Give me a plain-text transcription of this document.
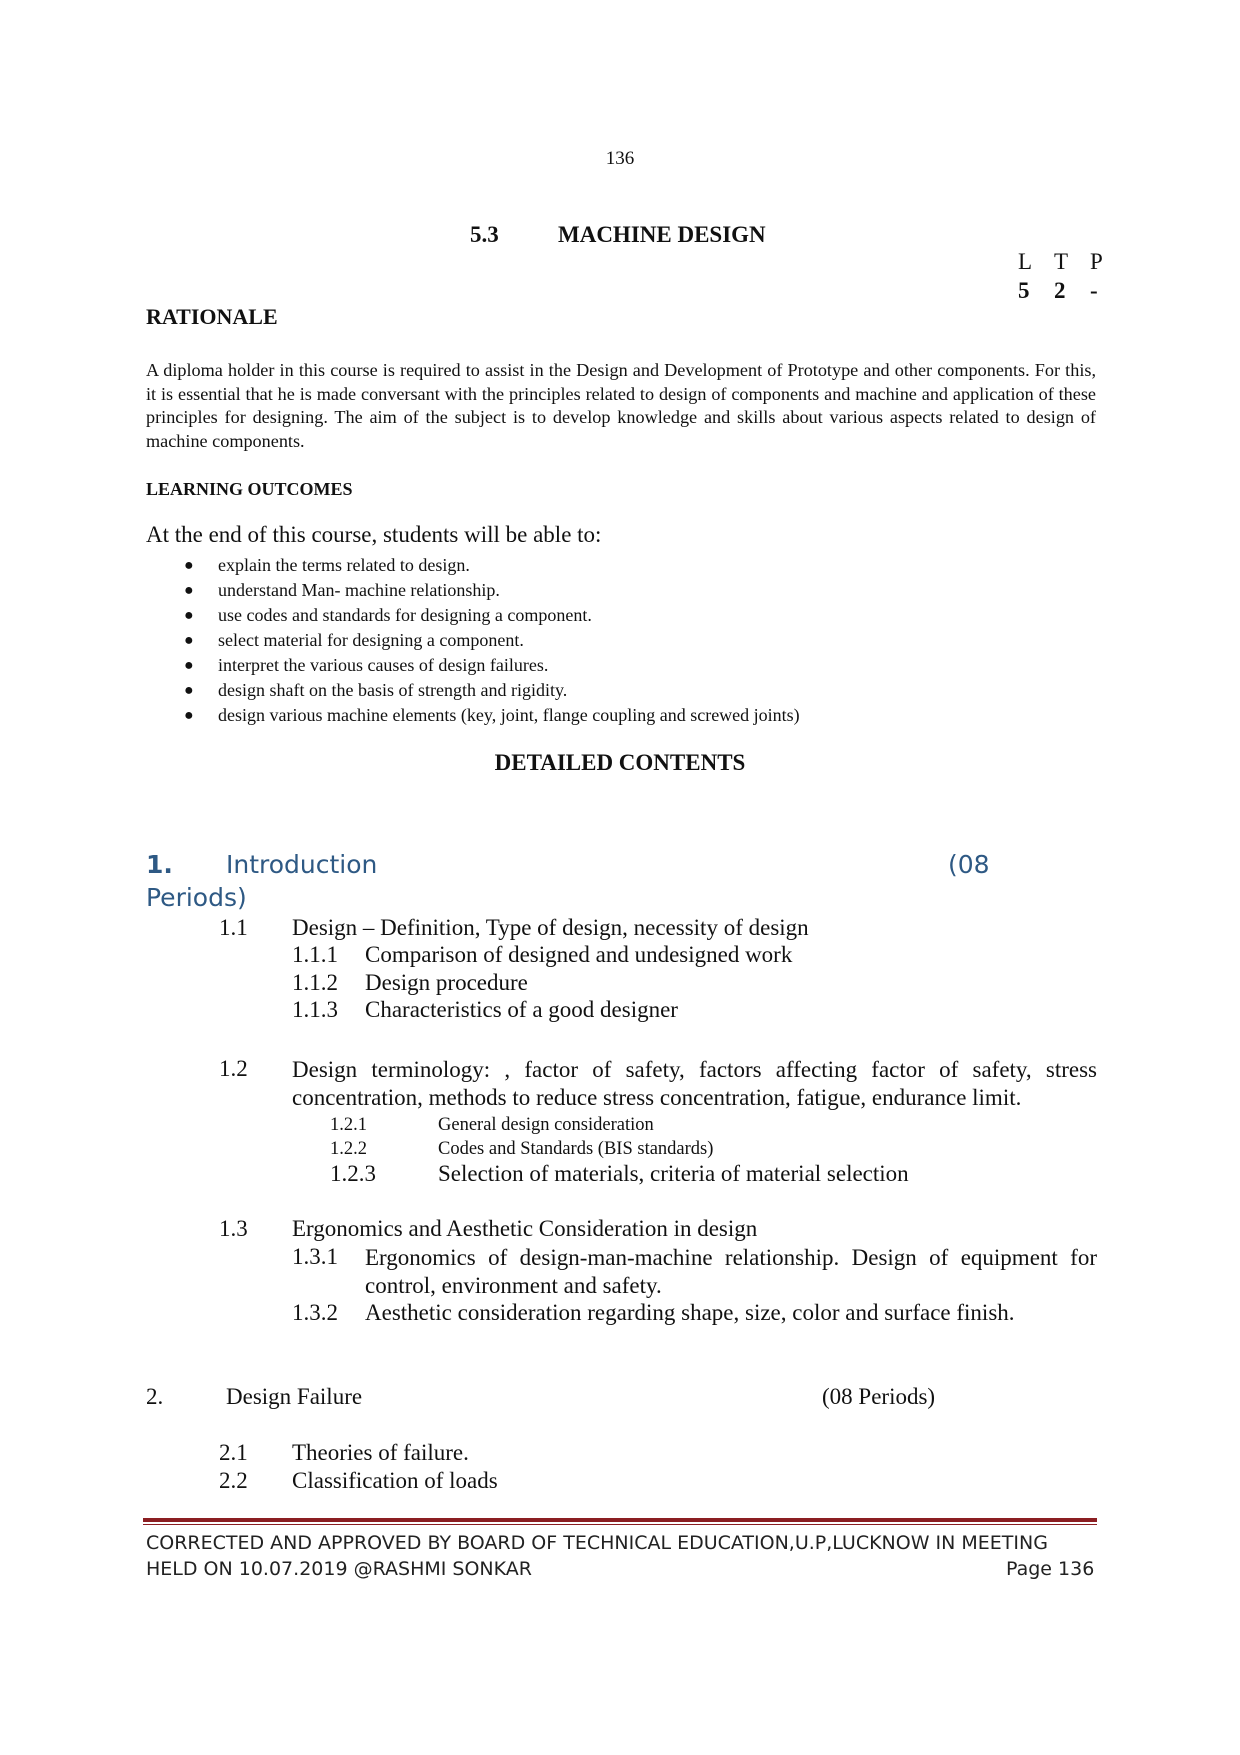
136
5.3	MACHINE DESIGN
L T P
5 2 -
RATIONALE
A diploma holder in this course is required to assist in the Design and Development of Prototype and other components. For this, it is essential that he is made conversant with the principles related to design of components and machine and application of these principles for designing. The aim of the subject is to develop knowledge and skills about various aspects related to design of machine components.
LEARNING OUTCOMES
At the end of this course, students will be able to:
● explain the terms related to design.
● understand Man- machine relationship.
● use codes and standards for designing a component.
● select material for designing a component.
● interpret the various causes of design failures.
● design shaft on the basis of strength and rigidity.
● design various machine elements (key, joint, flange coupling and screwed joints)
DETAILED CONTENTS
1. Introduction	(08
Periods)
1.1 Design – Definition, Type of design, necessity of design
1.1.1 Comparison of designed and undesigned work
1.1.2 Design procedure
1.1.3 Characteristics of a good designer
1.2 Design terminology: , factor of safety, factors affecting factor of safety, stress concentration, methods to reduce stress concentration, fatigue, endurance limit.
1.2.1	General design consideration
1.2.2	Codes and Standards (BIS standards)
1.2.3	Selection of materials, criteria of material selection
1.3 Ergonomics and Aesthetic Consideration in design
1.3.1 Ergonomics of design-man-machine relationship. Design of equipment for control, environment and safety.
1.3.2 Aesthetic consideration regarding shape, size, color and surface finish.
2.	Design Failure	(08 Periods)
2.1 Theories of failure.
2.2 Classification of loads
CORRECTED AND APPROVED BY BOARD OF TECHNICAL EDUCATION,U.P,LUCKNOW IN MEETING
HELD ON 10.07.2019 @RASHMI SONKAR	Page 136
